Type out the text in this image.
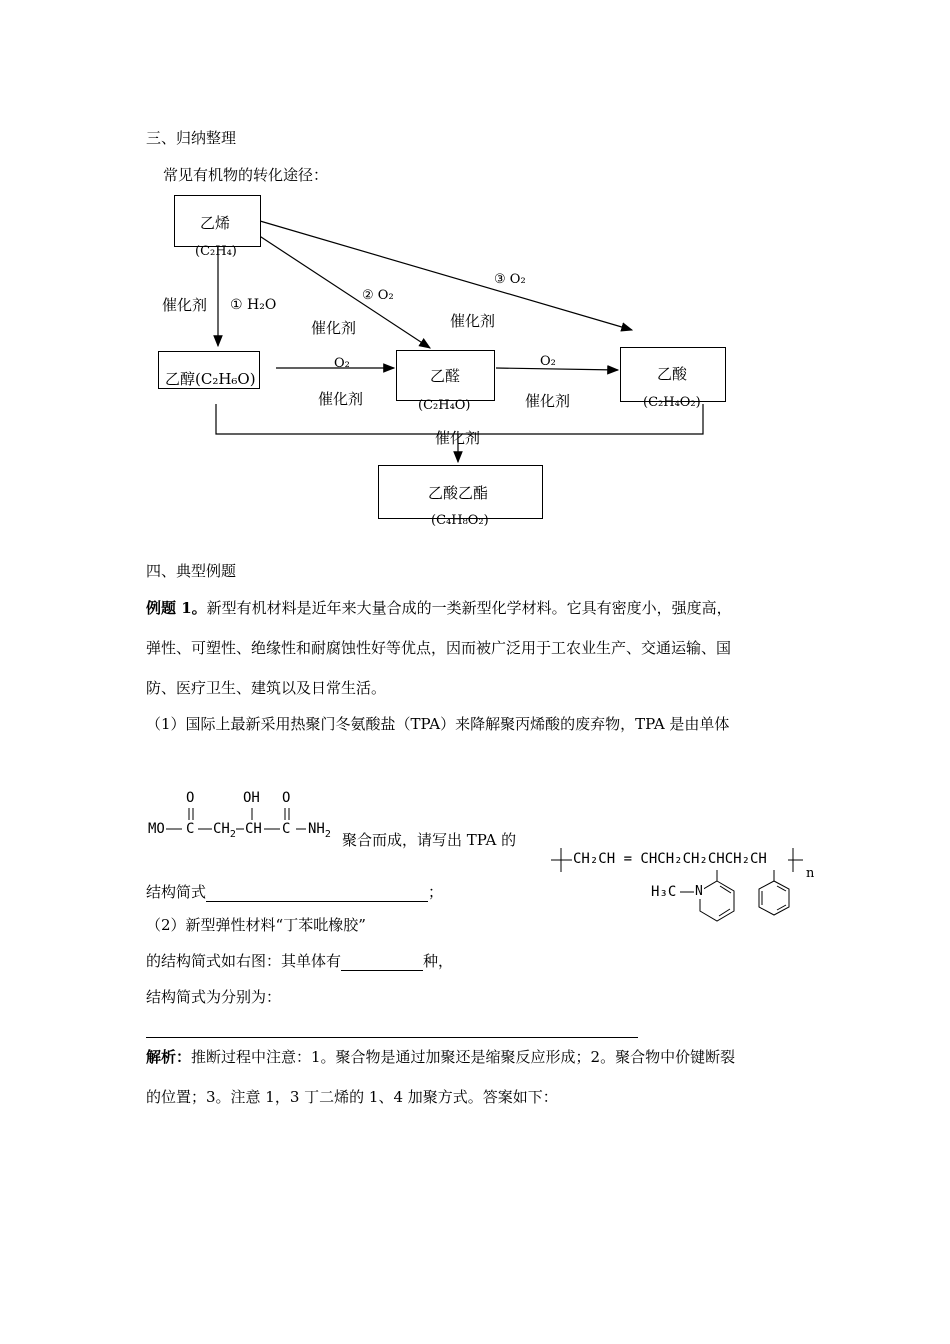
三、归纳整理
常见有机物的转化途径：
乙烯
(C₂H₄)
乙醇(C₂H₆O)	乙醛
(C₂H₄O)
乙酸
(C₂H₄O₂)
乙酸乙酯
(C₄H₈O₂)
催化剂 ① H₂O
② O₂
③ O₂
催化剂	催化剂
O₂
催化剂
O₂
催化剂
催化剂
四、典型例题
例题 1。新型有机材料是近年来大量合成的一类新型化学材料。它具有密度小，强度高，
弹性、可塑性、绝缘性和耐腐蚀性好等优点，因而被广泛用于工农业生产、交通运输、国
防、医疗卫生、建筑以及日常生活。
（1）国际上最新采用热聚门冬氨酸盐（TPA）来降解聚丙烯酸的废弃物，TPA 是由单体
O	OH O
MO C $CH_2$ CH C $NH_2$ 聚合而成，请写出 TPA 的
结构简式	；
CH₂CH = CHCH₂CH₂CHCH₂CH
n
H₃C N
（2）新型弹性材料“丁苯吡橡胶”
的结构简式如右图：其单体有	种，
结构简式为分别为：
解析：推断过程中注意：1。聚合物是通过加聚还是缩聚反应形成；2。聚合物中价键断裂
的位置；3。注意 1，3 丁二烯的 1、4 加聚方式。答案如下：
